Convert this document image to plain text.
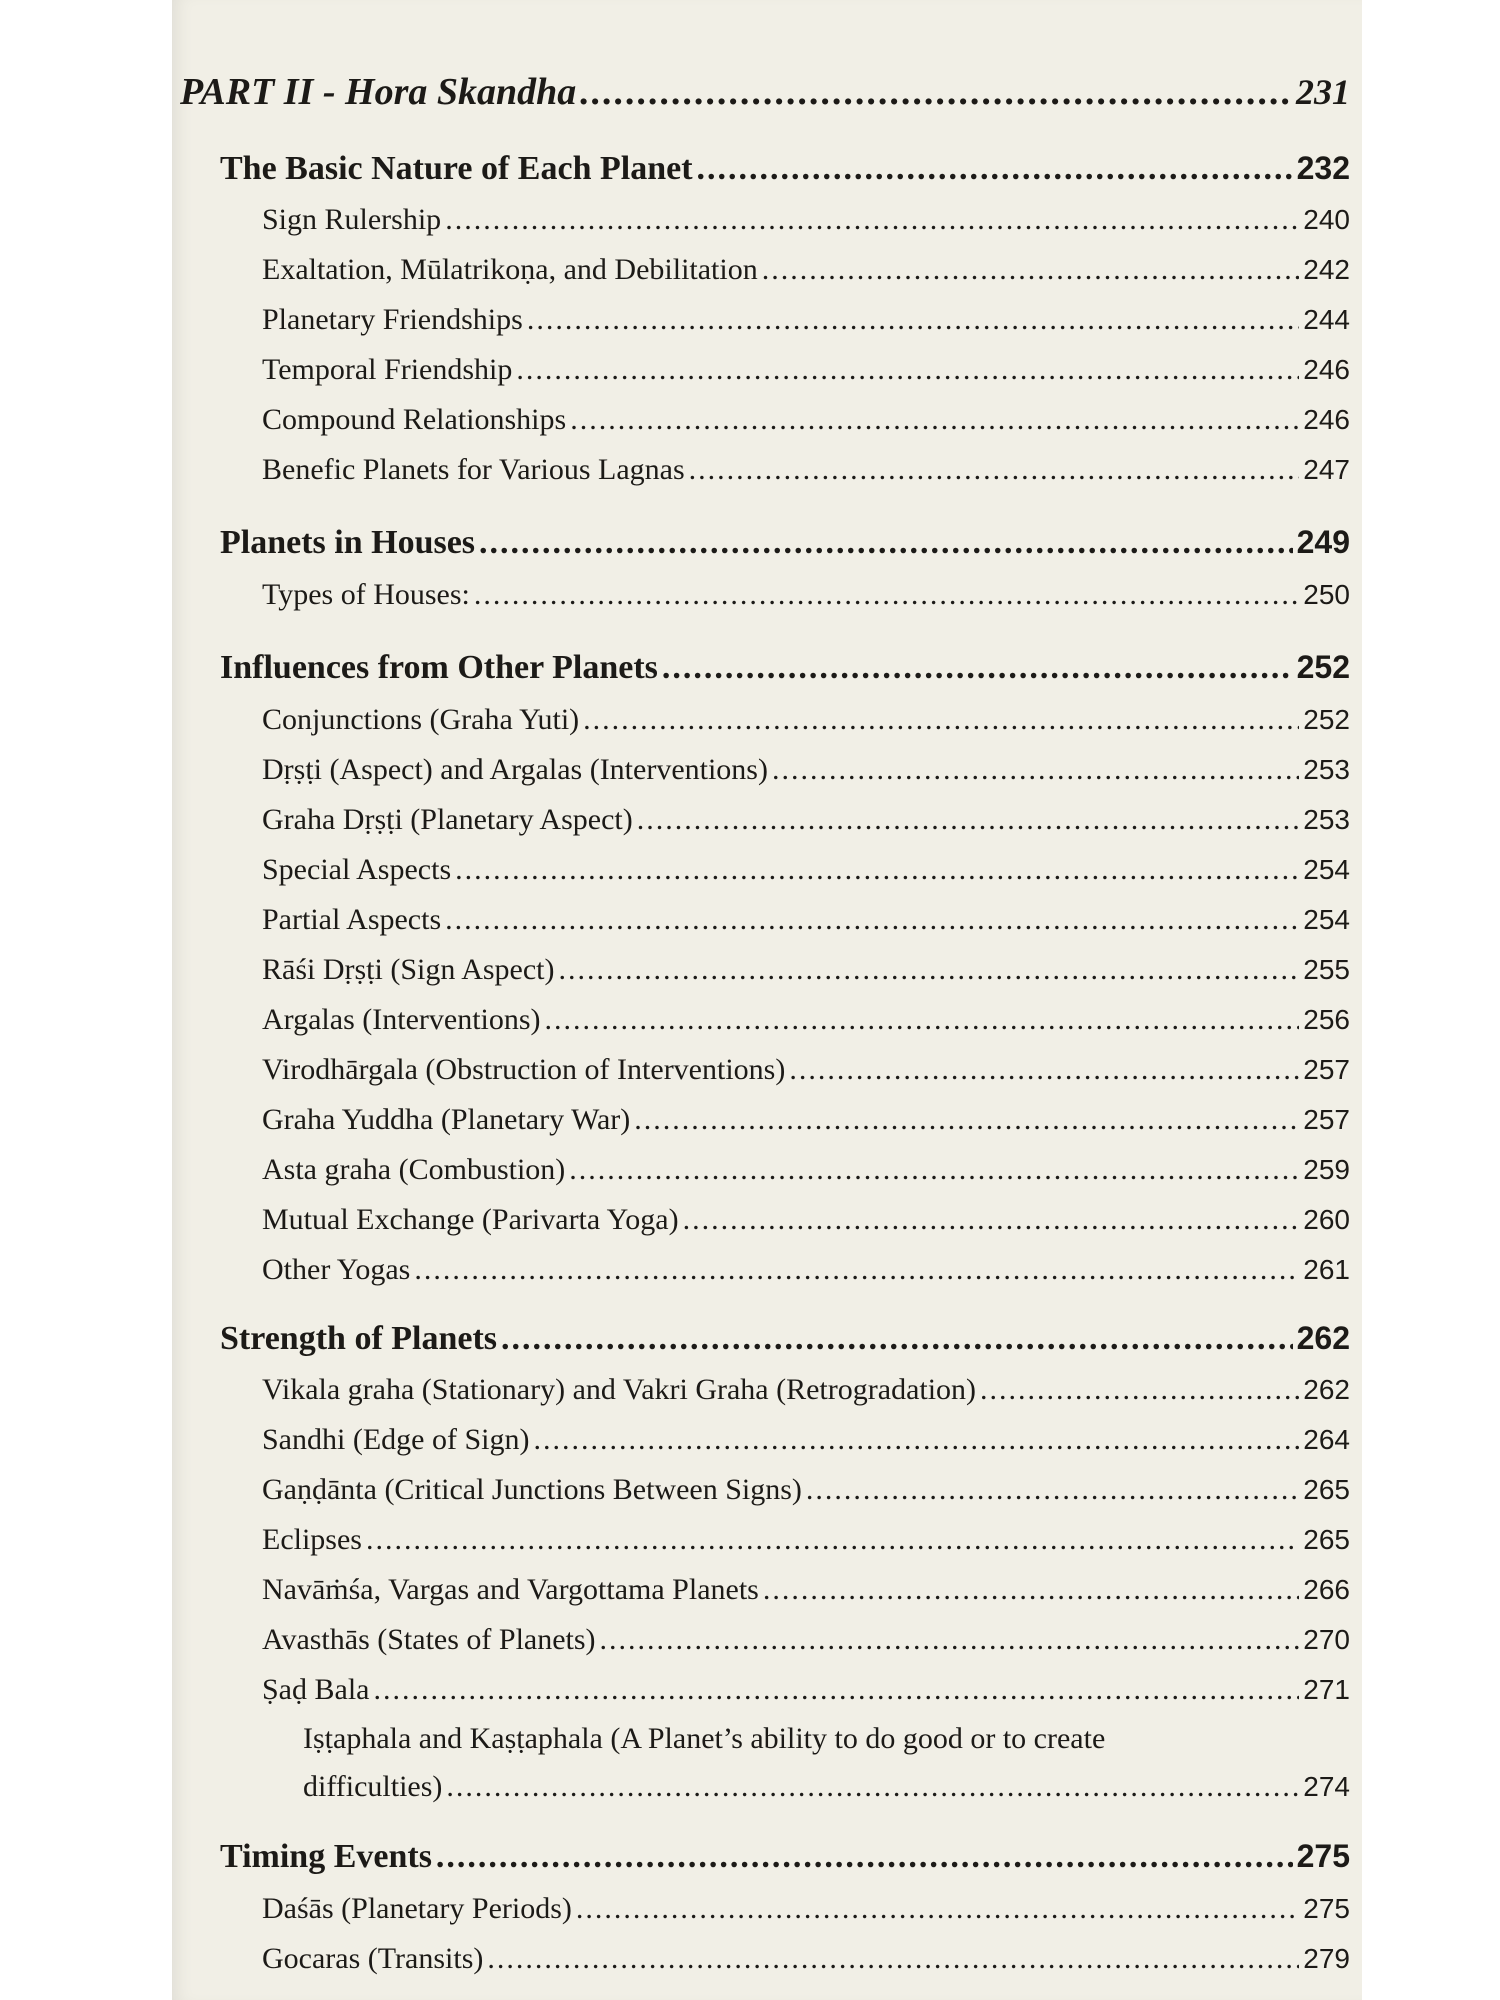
PART II - Hora Skandha .....	231
The Basic Nature of Each Planet .....	232
Sign Rulership .....	240
Exaltation, Mūlatrikoṇa, and Debilitation .....	242
Planetary Friendships .....	244
Temporal Friendship .....	246
Compound Relationships .....	246
Benefic Planets for Various Lagnas .....	247
Planets in Houses .....	249
Types of Houses: .....	250
Influences from Other Planets .....	252
Conjunctions (Graha Yuti) .....	252
Dṛṣṭi (Aspect) and Argalas (Interventions) .....	253
Graha Dṛṣṭi (Planetary Aspect) .....	253
Special Aspects .....	254
Partial Aspects .....	254
Rāśi Dṛṣṭi (Sign Aspect) .....	255
Argalas (Interventions) .....	256
Virodhārgala (Obstruction of Interventions) .....	257
Graha Yuddha (Planetary War) .....	257
Asta graha (Combustion) .....	259
Mutual Exchange (Parivarta Yoga) .....	260
Other Yogas .....	261
Strength of Planets .....	262
Vikala graha (Stationary) and Vakri Graha (Retrogradation) .....	262
Sandhi (Edge of Sign) .....	264
Gaṇḍānta (Critical Junctions Between Signs) .....	265
Eclipses .....	265
Navāṁśa, Vargas and Vargottama Planets .....	266
Avasthās (States of Planets) .....	270
Ṣaḍ Bala .....	271
Iṣṭaphala and Kaṣṭaphala (A Planet’s ability to do good or to create
difficulties) .....	274
Timing Events .....	275
Daśās (Planetary Periods) .....	275
Gocaras (Transits) .....	279
